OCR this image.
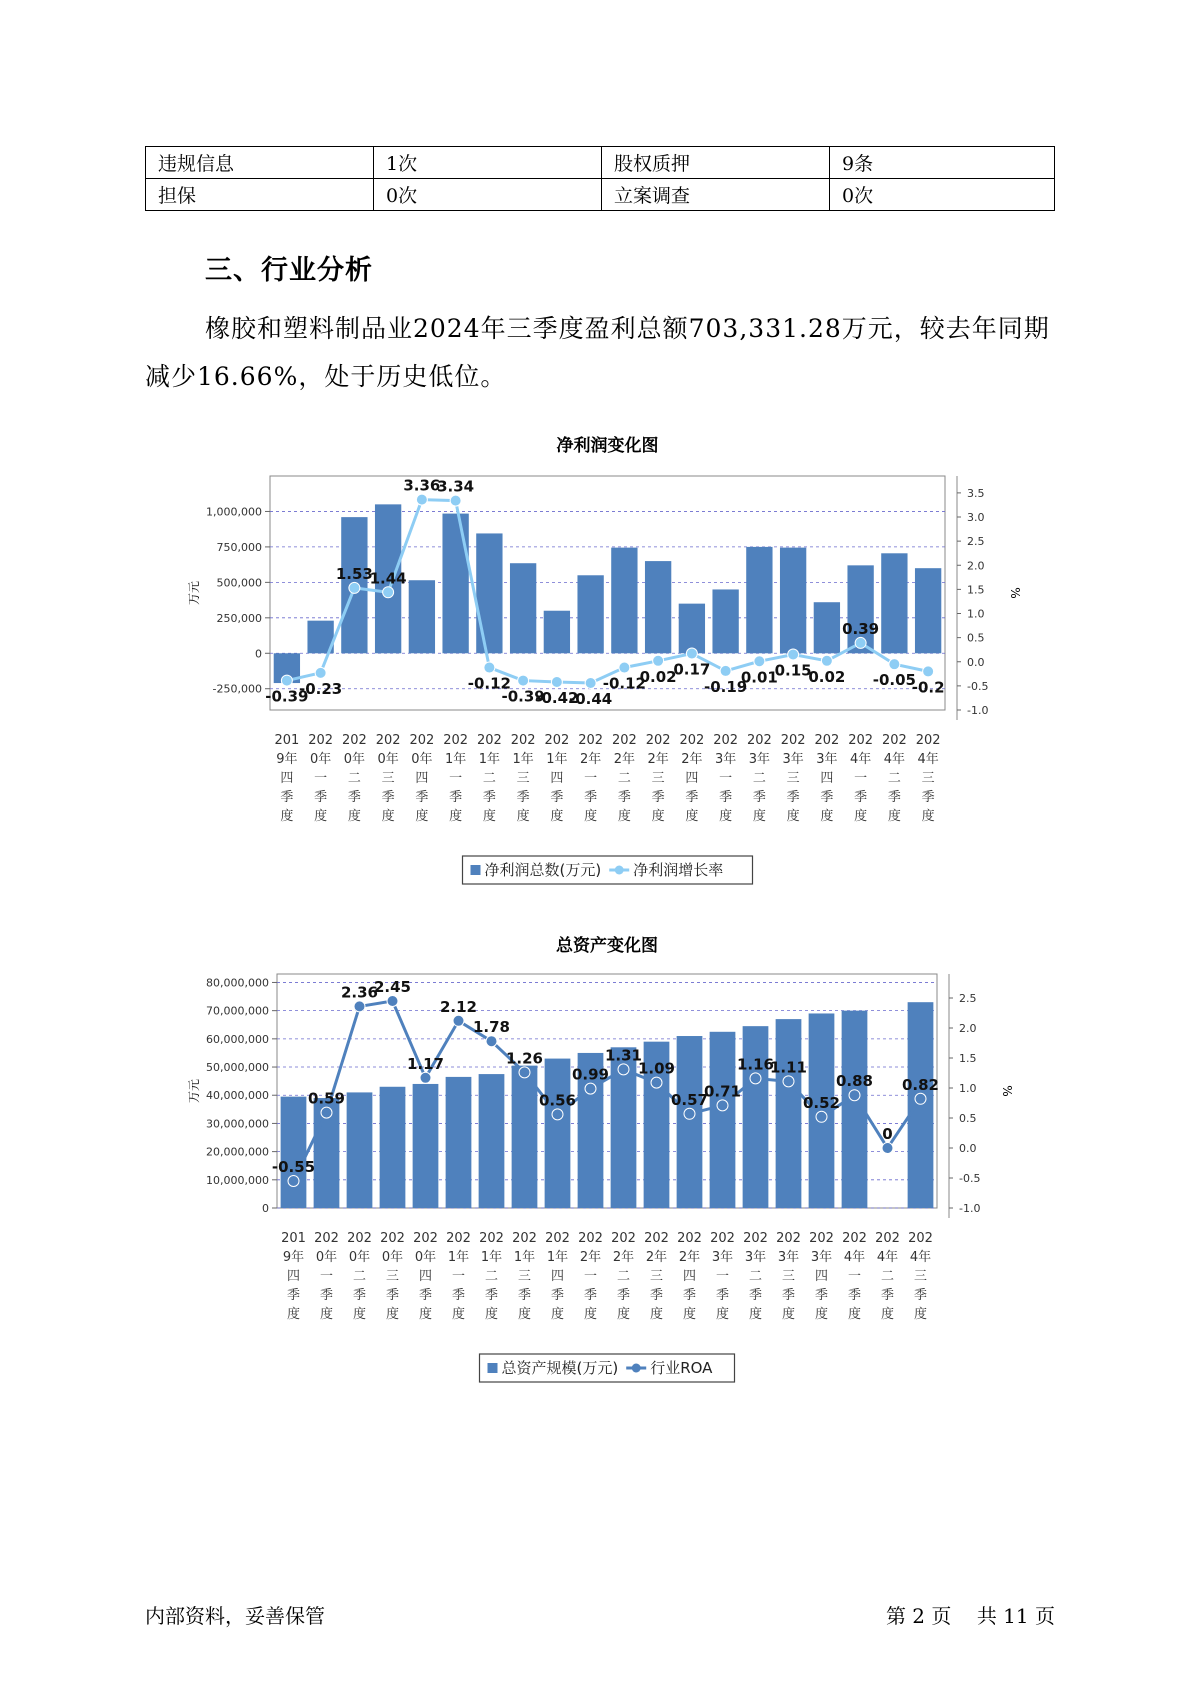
违规信息	1次	股权质押	9条
担保	0次	立案调查	0次
三、行业分析

橡胶和塑料制品业2024年三季度盈利总额703,331.28万元，较去年同期减少16.66%，处于历史低位。

净利润变化图
-250,000
0
250,000
500,000
750,000
1,000,000
-1.0
-0.5
0.0
0.5
1.0
1.5
2.0
2.5
3.0
3.5
万元	%
-0.39
-0.23
1.53
1.44
3.36
3.34
-0.12
-0.39
-0.42
-0.44
-0.12
0.02
0.17
-0.19
0.01
0.15
0.02
0.39
-0.05
-0.2
201
9年
四
季
度
202
0年
一
季
度
202
0年
二
季
度
202
0年
三
季
度
202
0年
四
季
度
202
1年
一
季
度
202
1年
二
季
度
202
1年
三
季
度
202
1年
四
季
度
202
2年
一
季
度
202
2年
二
季
度
202
2年
三
季
度
202
2年
四
季
度
202
3年
一
季
度
202
3年
二
季
度
202
3年
三
季
度
202
3年
四
季
度
202
4年
一
季
度
202
4年
二
季
度
202
4年
三
季
度
净利润总数(万元) 净利润增长率
总资产变化图
0
10,000,000
20,000,000
30,000,000
40,000,000
50,000,000
60,000,000
70,000,000
80,000,000
-1.0
-0.5
0.0
0.5
1.0
1.5
2.0
2.5
万元	%
-0.55
0.59
2.36
2.45
1.17
2.12
1.78
1.26
0.56
0.99
1.31
1.09
0.57
0.71
1.16
1.11
0.52
0.88
0
0.82
201
9年
四
季
度
202
0年
一
季
度
202
0年
二
季
度
202
0年
三
季
度
202
0年
四
季
度
202
1年
一
季
度
202
1年
二
季
度
202
1年
三
季
度
202
1年
四
季
度
202
2年
一
季
度
202
2年
二
季
度
202
2年
三
季
度
202
2年
四
季
度
202
3年
一
季
度
202
3年
二
季
度
202
3年
三
季
度
202
3年
四
季
度
202
4年
一
季
度
202
4年
二
季
度
202
4年
三
季
度
总资产规模(万元) 行业ROA
内部资料，妥善保管	第 2 页    共 11 页
